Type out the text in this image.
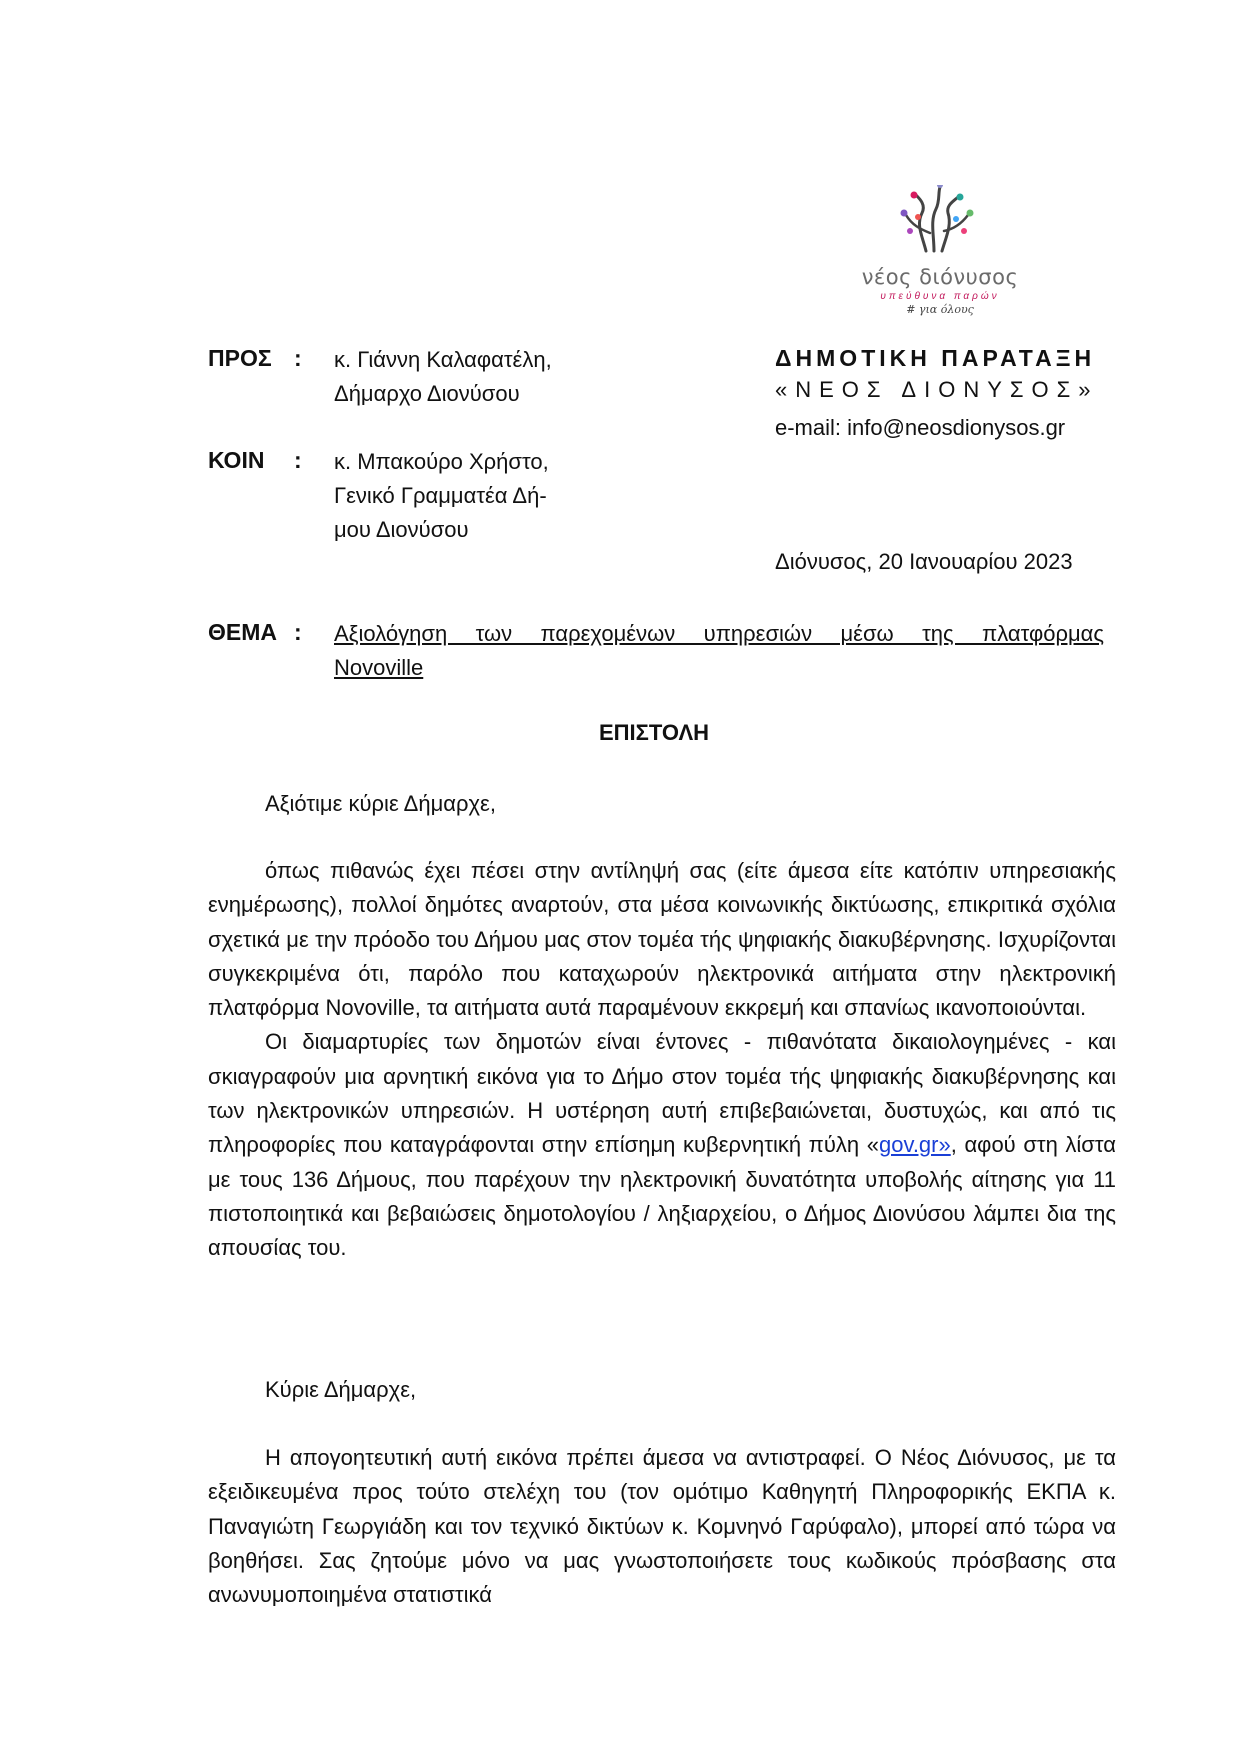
νέος διόνυσος
υπεύθυνα παρών
# για όλους
ΠΡΟΣ : κ. Γιάννη Καλαφατέλη,
Δήμαρχο Διονύσου
ΚΟΙΝ : κ. Μπακούρο Χρήστο,
Γενικό Γραμματέα Δή-
μου Διονύσου
ΔΗΜΟΤΙΚΗ ΠΑΡΑΤΑΞΗ
«ΝΕΟΣ ΔΙΟΝΥΣΟΣ»
e-mail: info@neosdionysos.gr
Διόνυσος, 20 Ιανουαρίου 2023
ΘΕΜΑ : Αξιολόγηση των παρεχομένων υπηρεσιών μέσω της πλατφόρμας
Novoville
ΕΠΙΣΤΟΛΗ
Αξιότιμε κύριε Δήμαρχε,

όπως πιθανώς έχει πέσει στην αντίληψή σας (είτε άμεσα είτε κατόπιν υπηρεσιακής ενημέρωσης), πολλοί δημότες αναρτούν, στα μέσα κοινωνικής δικτύωσης, επικριτικά σχόλια σχετικά με την πρόοδο του Δήμου μας στον τομέα τής ψηφιακής διακυβέρνησης. Ισχυρίζονται συγκεκριμένα ότι, παρόλο που καταχωρούν ηλεκτρονικά αιτήματα στην ηλεκτρονική πλατφόρμα Novoville, τα αιτήματα αυτά παραμένουν εκκρεμή και σπανίως ικανοποιούνται.

Οι διαμαρτυρίες των δημοτών είναι έντονες - πιθανότατα δικαιολογημένες - και σκιαγραφούν μια αρνητική εικόνα για το Δήμο στον τομέα τής ψηφιακής διακυβέρνησης και των ηλεκτρονικών υπηρεσιών. Η υστέρηση αυτή επιβεβαιώνεται, δυστυχώς, και από τις πληροφορίες που καταγράφονται στην επίσημη κυβερνητική πύλη «gov.gr», αφού στη λίστα με τους 136 Δήμους, που παρέχουν την ηλεκτρονική δυνατότητα υποβολής αίτησης για 11 πιστοποιητικά και βεβαιώσεις δημοτολογίου / ληξιαρχείου, ο Δήμος Διονύσου λάμπει δια της απουσίας του.

Κύριε Δήμαρχε,

Η απογοητευτική αυτή εικόνα πρέπει άμεσα να αντιστραφεί. Ο Νέος Διόνυσος, με τα εξειδικευμένα προς τούτο στελέχη του (τον ομότιμο Καθηγητή Πληροφορικής ΕΚΠΑ κ. Παναγιώτη Γεωργιάδη και τον τεχνικό δικτύων κ. Κομνηνό Γαρύφαλο), μπορεί από τώρα να βοηθήσει. Σας ζητούμε μόνο να μας γνωστοποιήσετε τους κωδικούς πρόσβασης στα ανωνυμοποιημένα στατιστικά
